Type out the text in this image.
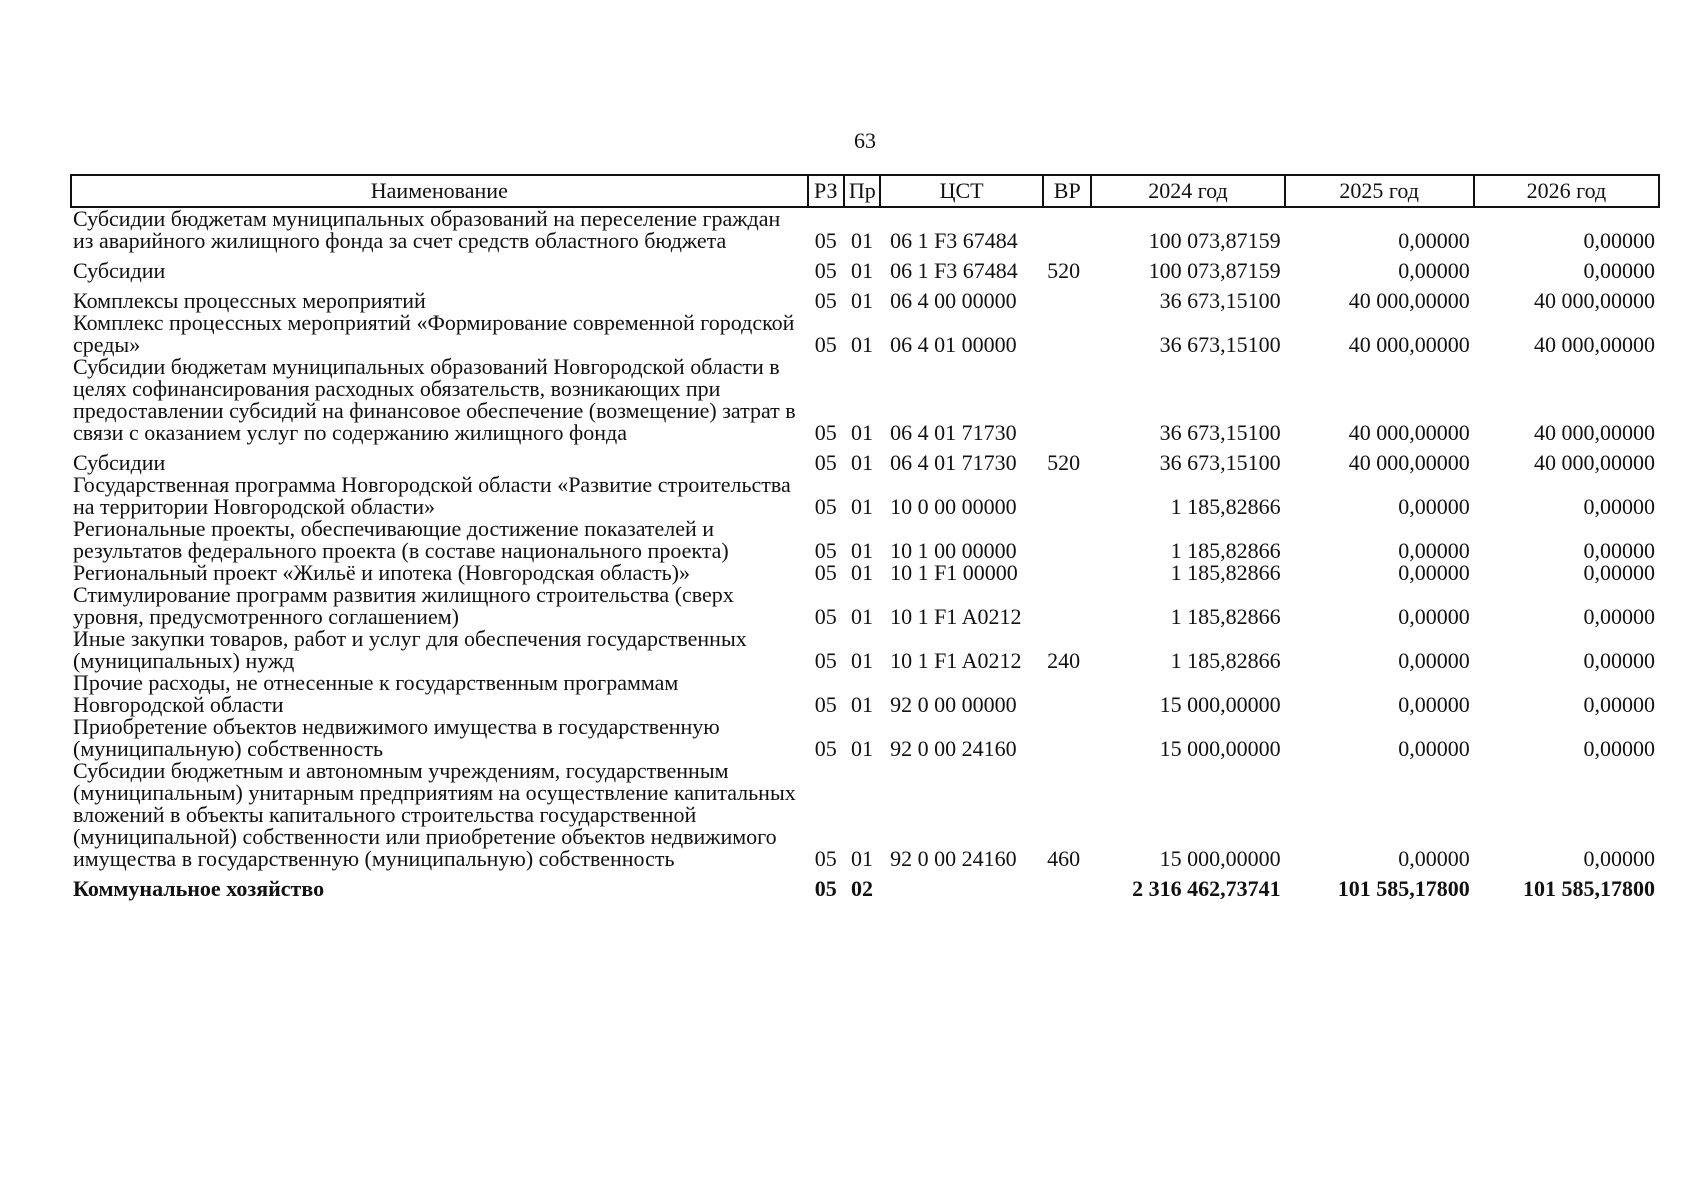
63
Наименование	РЗ	Пр	ЦСТ	ВР	2024 год	2025 год	2026 год
Субсидии бюджетам муниципальных образований на переселение граждан из аварийного жилищного фонда за счет средств областного бюджета	05	01	06 1 F3 67484		100 073,87159	0,00000	0,00000
Субсидии	05	01	06 1 F3 67484	520	100 073,87159	0,00000	0,00000
Комплексы процессных мероприятий	05	01	06 4 00 00000		36 673,15100	40 000,00000	40 000,00000
Комплекс процессных мероприятий «Формирование современной городской среды»	05	01	06 4 01 00000		36 673,15100	40 000,00000	40 000,00000
Субсидии бюджетам муниципальных образований Новгородской области в целях софинансирования расходных обязательств, возникающих при предоставлении субсидий на финансовое обеспечение (возмещение) затрат в связи с оказанием услуг по содержанию жилищного фонда	05	01	06 4 01 71730		36 673,15100	40 000,00000	40 000,00000
Субсидии	05	01	06 4 01 71730	520	36 673,15100	40 000,00000	40 000,00000
Государственная программа Новгородской области «Развитие строительства на территории Новгородской области»	05	01	10 0 00 00000		1 185,82866	0,00000	0,00000
Региональные проекты, обеспечивающие достижение показателей и результатов федерального проекта (в составе национального проекта)	05	01	10 1 00 00000		1 185,82866	0,00000	0,00000
Региональный проект «Жильё и ипотека (Новгородская область)»	05	01	10 1 F1 00000		1 185,82866	0,00000	0,00000
Стимулирование программ развития жилищного строительства (сверх уровня, предусмотренного соглашением)	05	01	10 1 F1 A0212		1 185,82866	0,00000	0,00000
Иные закупки товаров, работ и услуг для обеспечения государственных (муниципальных) нужд	05	01	10 1 F1 A0212	240	1 185,82866	0,00000	0,00000
Прочие расходы, не отнесенные к государственным программам Новгородской области	05	01	92 0 00 00000		15 000,00000	0,00000	0,00000
Приобретение объектов недвижимого имущества в государственную (муниципальную) собственность	05	01	92 0 00 24160		15 000,00000	0,00000	0,00000
Субсидии бюджетным и автономным учреждениям, государственным (муниципальным) унитарным предприятиям на осуществление капитальных вложений в объекты капитального строительства государственной (муниципальной) собственности или приобретение объектов недвижимого имущества в государственную (муниципальную) собственность	05	01	92 0 00 24160	460	15 000,00000	0,00000	0,00000
Коммунальное хозяйство	05	02			2 316 462,73741	101 585,17800	101 585,17800
